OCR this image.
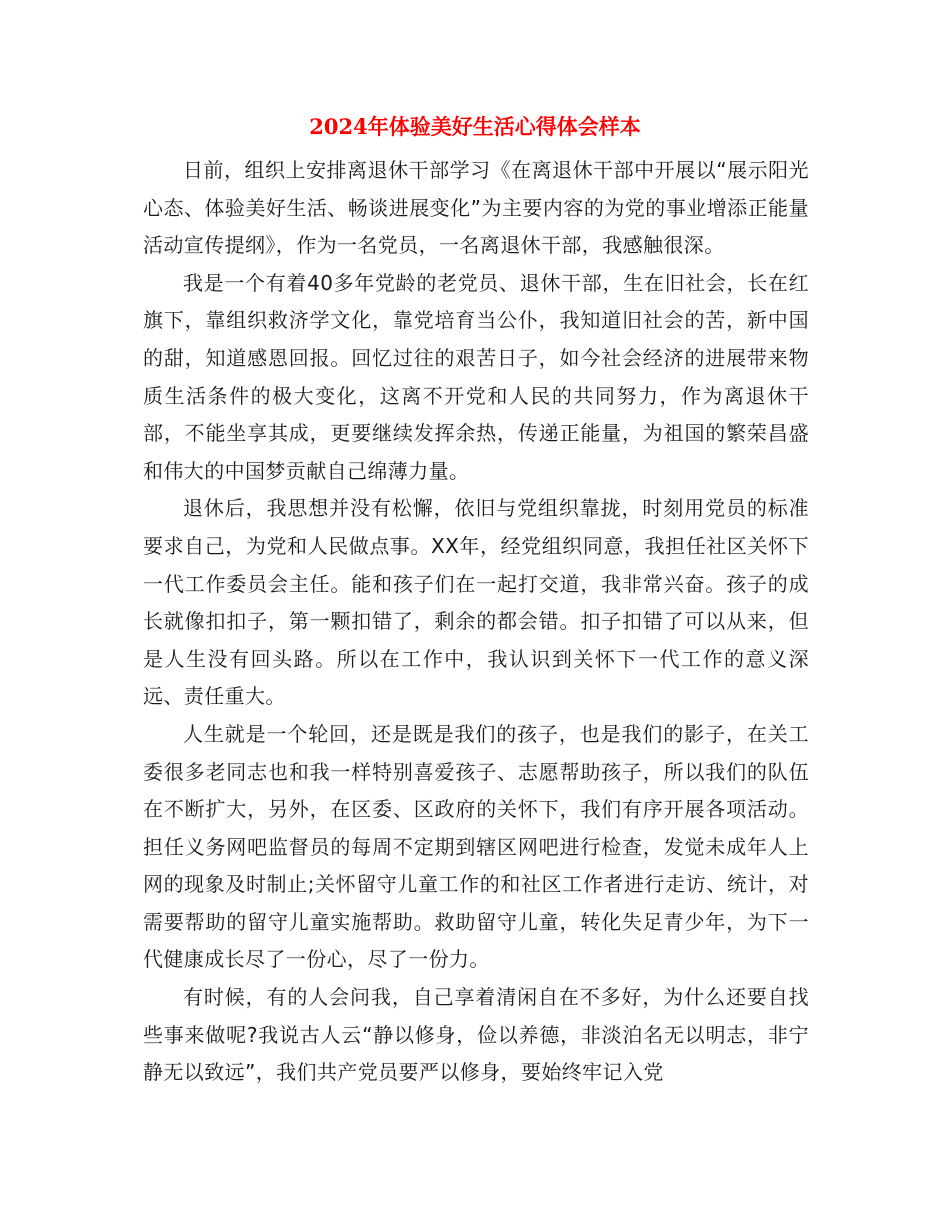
2024年体验美好生活心得体会样本

日前，组织上安排离退休干部学习《在离退休干部中开展以“展示阳光心态、体验美好生活、畅谈进展变化”为主要内容的为党的事业增添正能量活动宣传提纲》，作为一名党员，一名离退休干部，我感触很深。

我是一个有着40多年党龄的老党员、退休干部，生在旧社会，长在红旗下，靠组织救济学文化，靠党培育当公仆，我知道旧社会的苦，新中国的甜，知道感恩回报。回忆过往的艰苦日子，如今社会经济的进展带来物质生活条件的极大变化，这离不开党和人民的共同努力，作为离退休干部，不能坐享其成，更要继续发挥余热，传递正能量，为祖国的繁荣昌盛和伟大的中国梦贡献自己绵薄力量。

退休后，我思想并没有松懈，依旧与党组织靠拢，时刻用党员的标准要求自己，为党和人民做点事。XX年，经党组织同意，我担任社区关怀下一代工作委员会主任。能和孩子们在一起打交道，我非常兴奋。孩子的成长就像扣扣子，第一颗扣错了，剩余的都会错。扣子扣错了可以从来，但是人生没有回头路。所以在工作中，我认识到关怀下一代工作的意义深远、责任重大。

人生就是一个轮回，还是既是我们的孩子，也是我们的影子，在关工委很多老同志也和我一样特别喜爱孩子、志愿帮助孩子，所以我们的队伍在不断扩大，另外，在区委、区政府的关怀下，我们有序开展各项活动。担任义务网吧监督员的每周不定期到辖区网吧进行检查，发觉未成年人上网的现象及时制止;关怀留守儿童工作的和社区工作者进行走访、统计，对需要帮助的留守儿童实施帮助。救助留守儿童，转化失足青少年，为下一代健康成长尽了一份心，尽了一份力。

有时候，有的人会问我，自己享着清闲自在不多好，为什么还要自找些事来做呢?我说古人云“静以修身，俭以养德，非淡泊名无以明志，非宁静无以致远”，我们共产党员要严以修身，要始终牢记入党
